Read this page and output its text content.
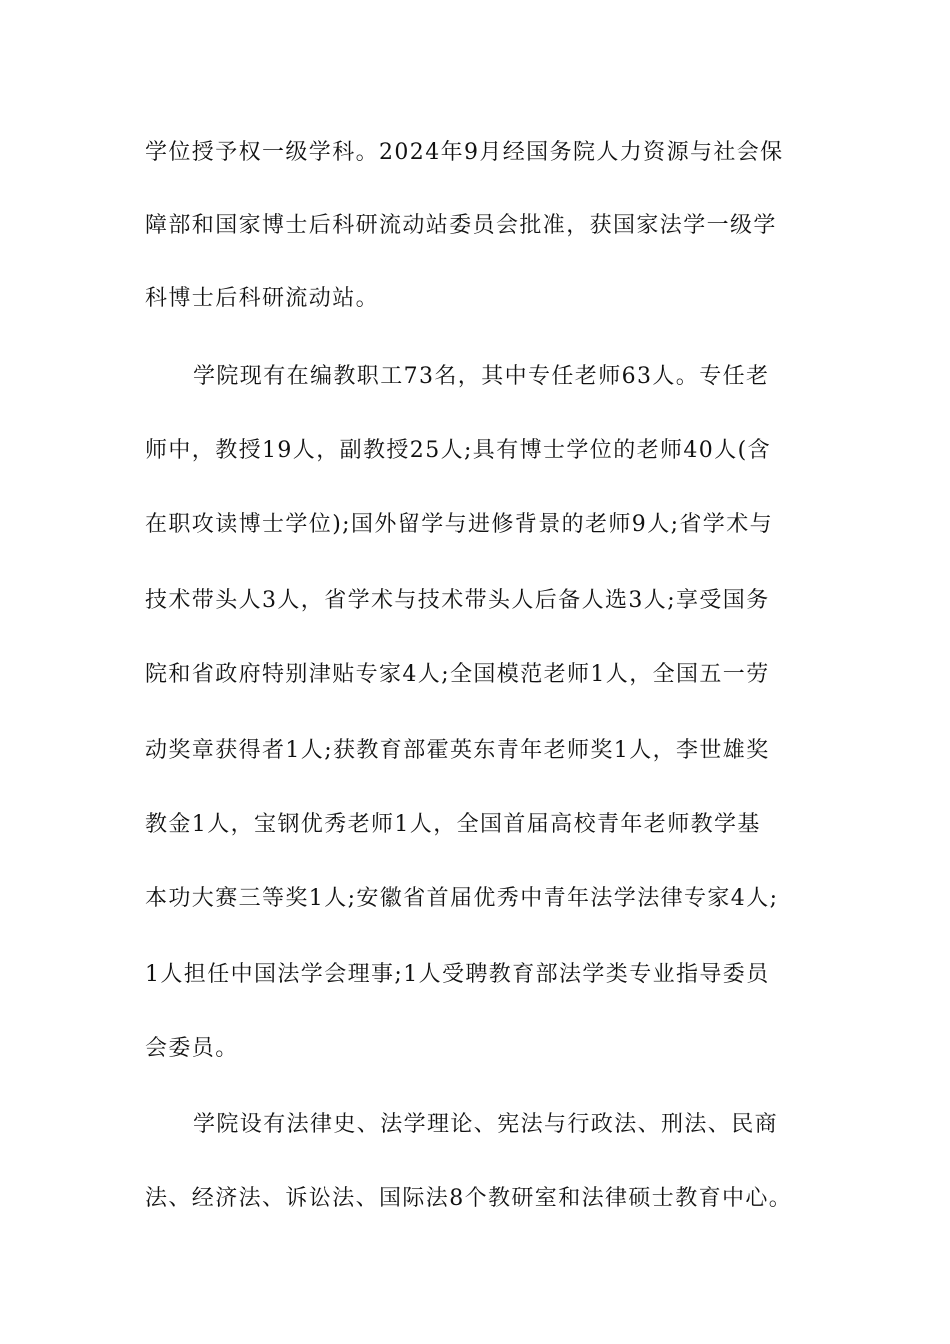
学位授予权一级学科。2024年9月经国务院人力资源与社会保
障部和国家博士后科研流动站委员会批准，获国家法学一级学
科博士后科研流动站。
学院现有在编教职工73名，其中专任老师63人。专任老
师中，教授19人，副教授25人;具有博士学位的老师40人(含
在职攻读博士学位);国外留学与进修背景的老师9人;省学术与
技术带头人3人，省学术与技术带头人后备人选3人;享受国务
院和省政府特别津贴专家4人;全国模范老师1人，全国五一劳
动奖章获得者1人;获教育部霍英东青年老师奖1人，李世雄奖
教金1人，宝钢优秀老师1人，全国首届高校青年老师教学基
本功大赛三等奖1人;安徽省首届优秀中青年法学法律专家4人;
1人担任中国法学会理事;1人受聘教育部法学类专业指导委员
会委员。
学院设有法律史、法学理论、宪法与行政法、刑法、民商
法、经济法、诉讼法、国际法8个教研室和法律硕士教育中心。
